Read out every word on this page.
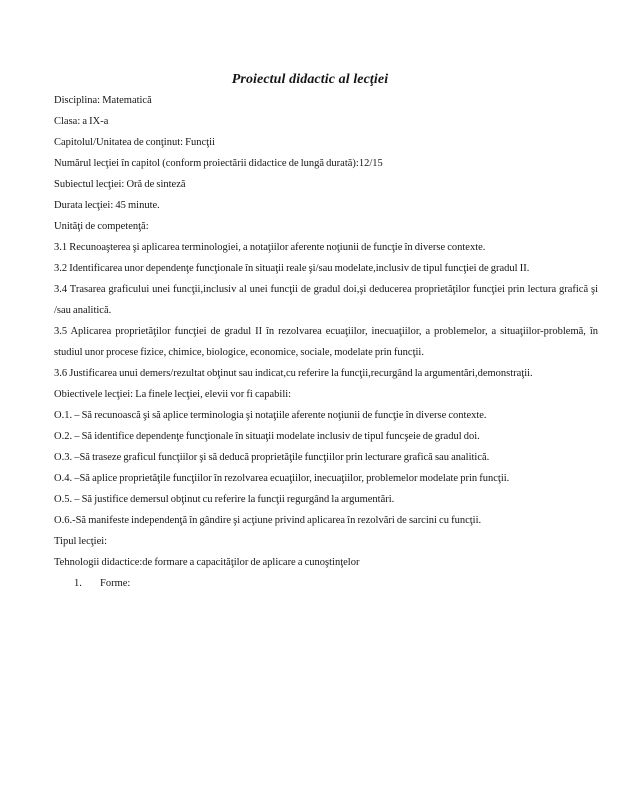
Proiectul didactic al lecţiei

Disciplina: Matematică

Clasa: a IX-a

Capitolul/Unitatea de conţinut: Funcţii

Numărul lecţiei în capitol (conform proiectării didactice de lungă durată):12/15

Subiectul lecţiei: Oră de sinteză

Durata lecţiei: 45 minute.

Unităţi de competenţă:

3.1 Recunoaşterea şi aplicarea terminologiei, a notaţiilor aferente noţiunii de funcţie în diverse contexte.

3.2 Identificarea unor dependenţe funcţionale în situaţii reale şi/sau modelate,inclusiv de tipul funcţiei de gradul II.

3.4 Trasarea graficului unei funcţii,inclusiv al unei funcţii de gradul doi,şi deducerea proprietăţilor funcţiei prin lectura grafică şi /sau analitică.

3.5 Aplicarea proprietăţilor funcţiei de gradul II în rezolvarea ecuaţiilor, inecuaţiilor, a problemelor, a situaţiilor-problemă, în studiul unor procese fizice, chimice, biologice, economice, sociale, modelate prin funcţii.

3.6 Justificarea unui demers/rezultat obţinut sau indicat,cu referire la funcţii,recurgând la argumentări,demonstraţii.

Obiectivele lecţiei: La finele lecţiei, elevii vor fi capabili:

O.1. – Să recunoască şi să aplice terminologia şi notaţiile aferente noţiunii de funcţie în diverse contexte.

O.2. – Să identifice dependenţe funcţionale în situaţii modelate inclusiv de tipul funcşeie de gradul doi.

O.3. –Să traseze graficul funcţiilor şi să deducă proprietăţile funcţiilor prin lecturare grafică sau analitică.

O.4. –Să aplice proprietăţile funcţiilor în rezolvarea ecuaţiilor, inecuaţiilor, problemelor modelate prin funcţii.

O.5. – Să justifice demersul obţinut cu referire la funcţii regurgând la argumentări.

O.6.-Să manifeste independenţă în gândire şi acţiune privind aplicarea în rezolvări de sarcini cu funcţii.

Tipul lecţiei:

Tehnologii didactice:de formare a capacităţilor de aplicare a cunoştinţelor

1. Forme:
